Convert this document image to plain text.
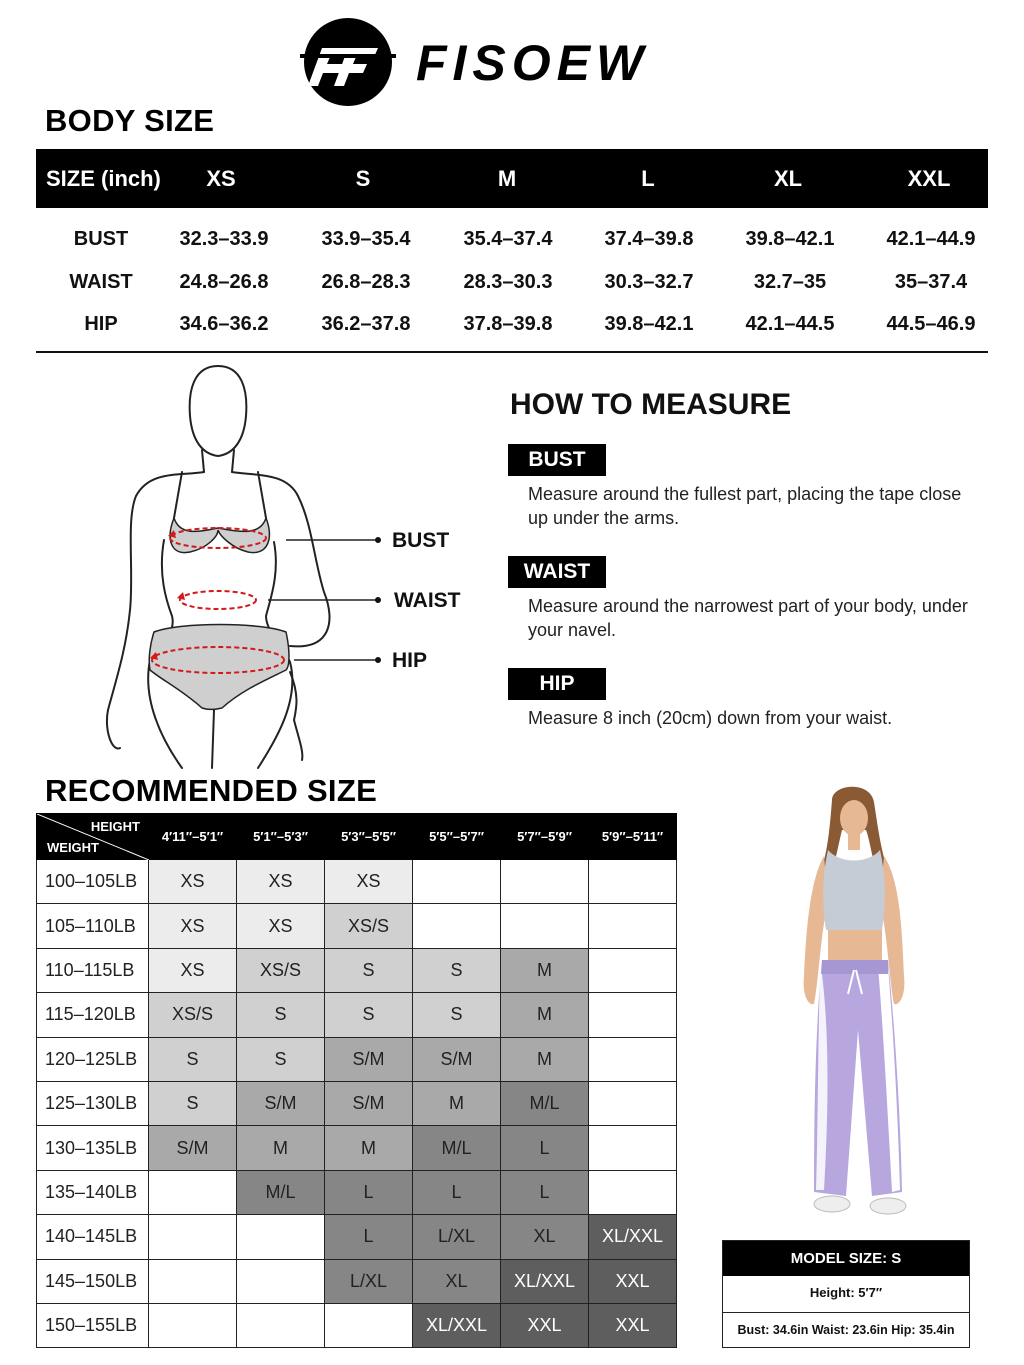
FISOEW
BODY SIZE
SIZE (inch)	XS	S	M	L	XL	XXL
BUST	32.3–33.9	33.9–35.4	35.4–37.4	37.4–39.8	39.8–42.1	42.1–44.9
WAIST	24.8–26.8	26.8–28.3	28.3–30.3	30.3–32.7	32.7–35	35–37.4
HIP	34.6–36.2	36.2–37.8	37.8–39.8	39.8–42.1	42.1–44.5	44.5–46.9
BUST
WAIST
HIP
HOW TO MEASURE
BUST
Measure around the fullest part, placing the tape close up under the arms.
WAIST
Measure around the narrowest part of your body, under your navel.
HIP
Measure 8 inch (20cm) down from your waist.
RECOMMENDED SIZE
HEIGHT
WEIGHT	4′11″–5′1″	5′1″–5′3″	5′3″–5′5″	5′5″–5′7″	5′7″–5′9″	5′9″–5′11″
100–105LB	XS	XS	XS			
105–110LB	XS	XS	XS/S			
110–115LB	XS	XS/S	S	S	M	
115–120LB	XS/S	S	S	S	M	
120–125LB	S	S	S/M	S/M	M	
125–130LB	S	S/M	S/M	M	M/L	
130–135LB	S/M	M	M	M/L	L	
135–140LB		M/L	L	L	L	
140–145LB			L	L/XL	XL	XL/XXL
145–150LB			L/XL	XL	XL/XXL	XXL
150–155LB				XL/XXL	XXL	XXL
MODEL SIZE: S
Height: 5′7″
Bust: 34.6in Waist: 23.6in Hip: 35.4in
